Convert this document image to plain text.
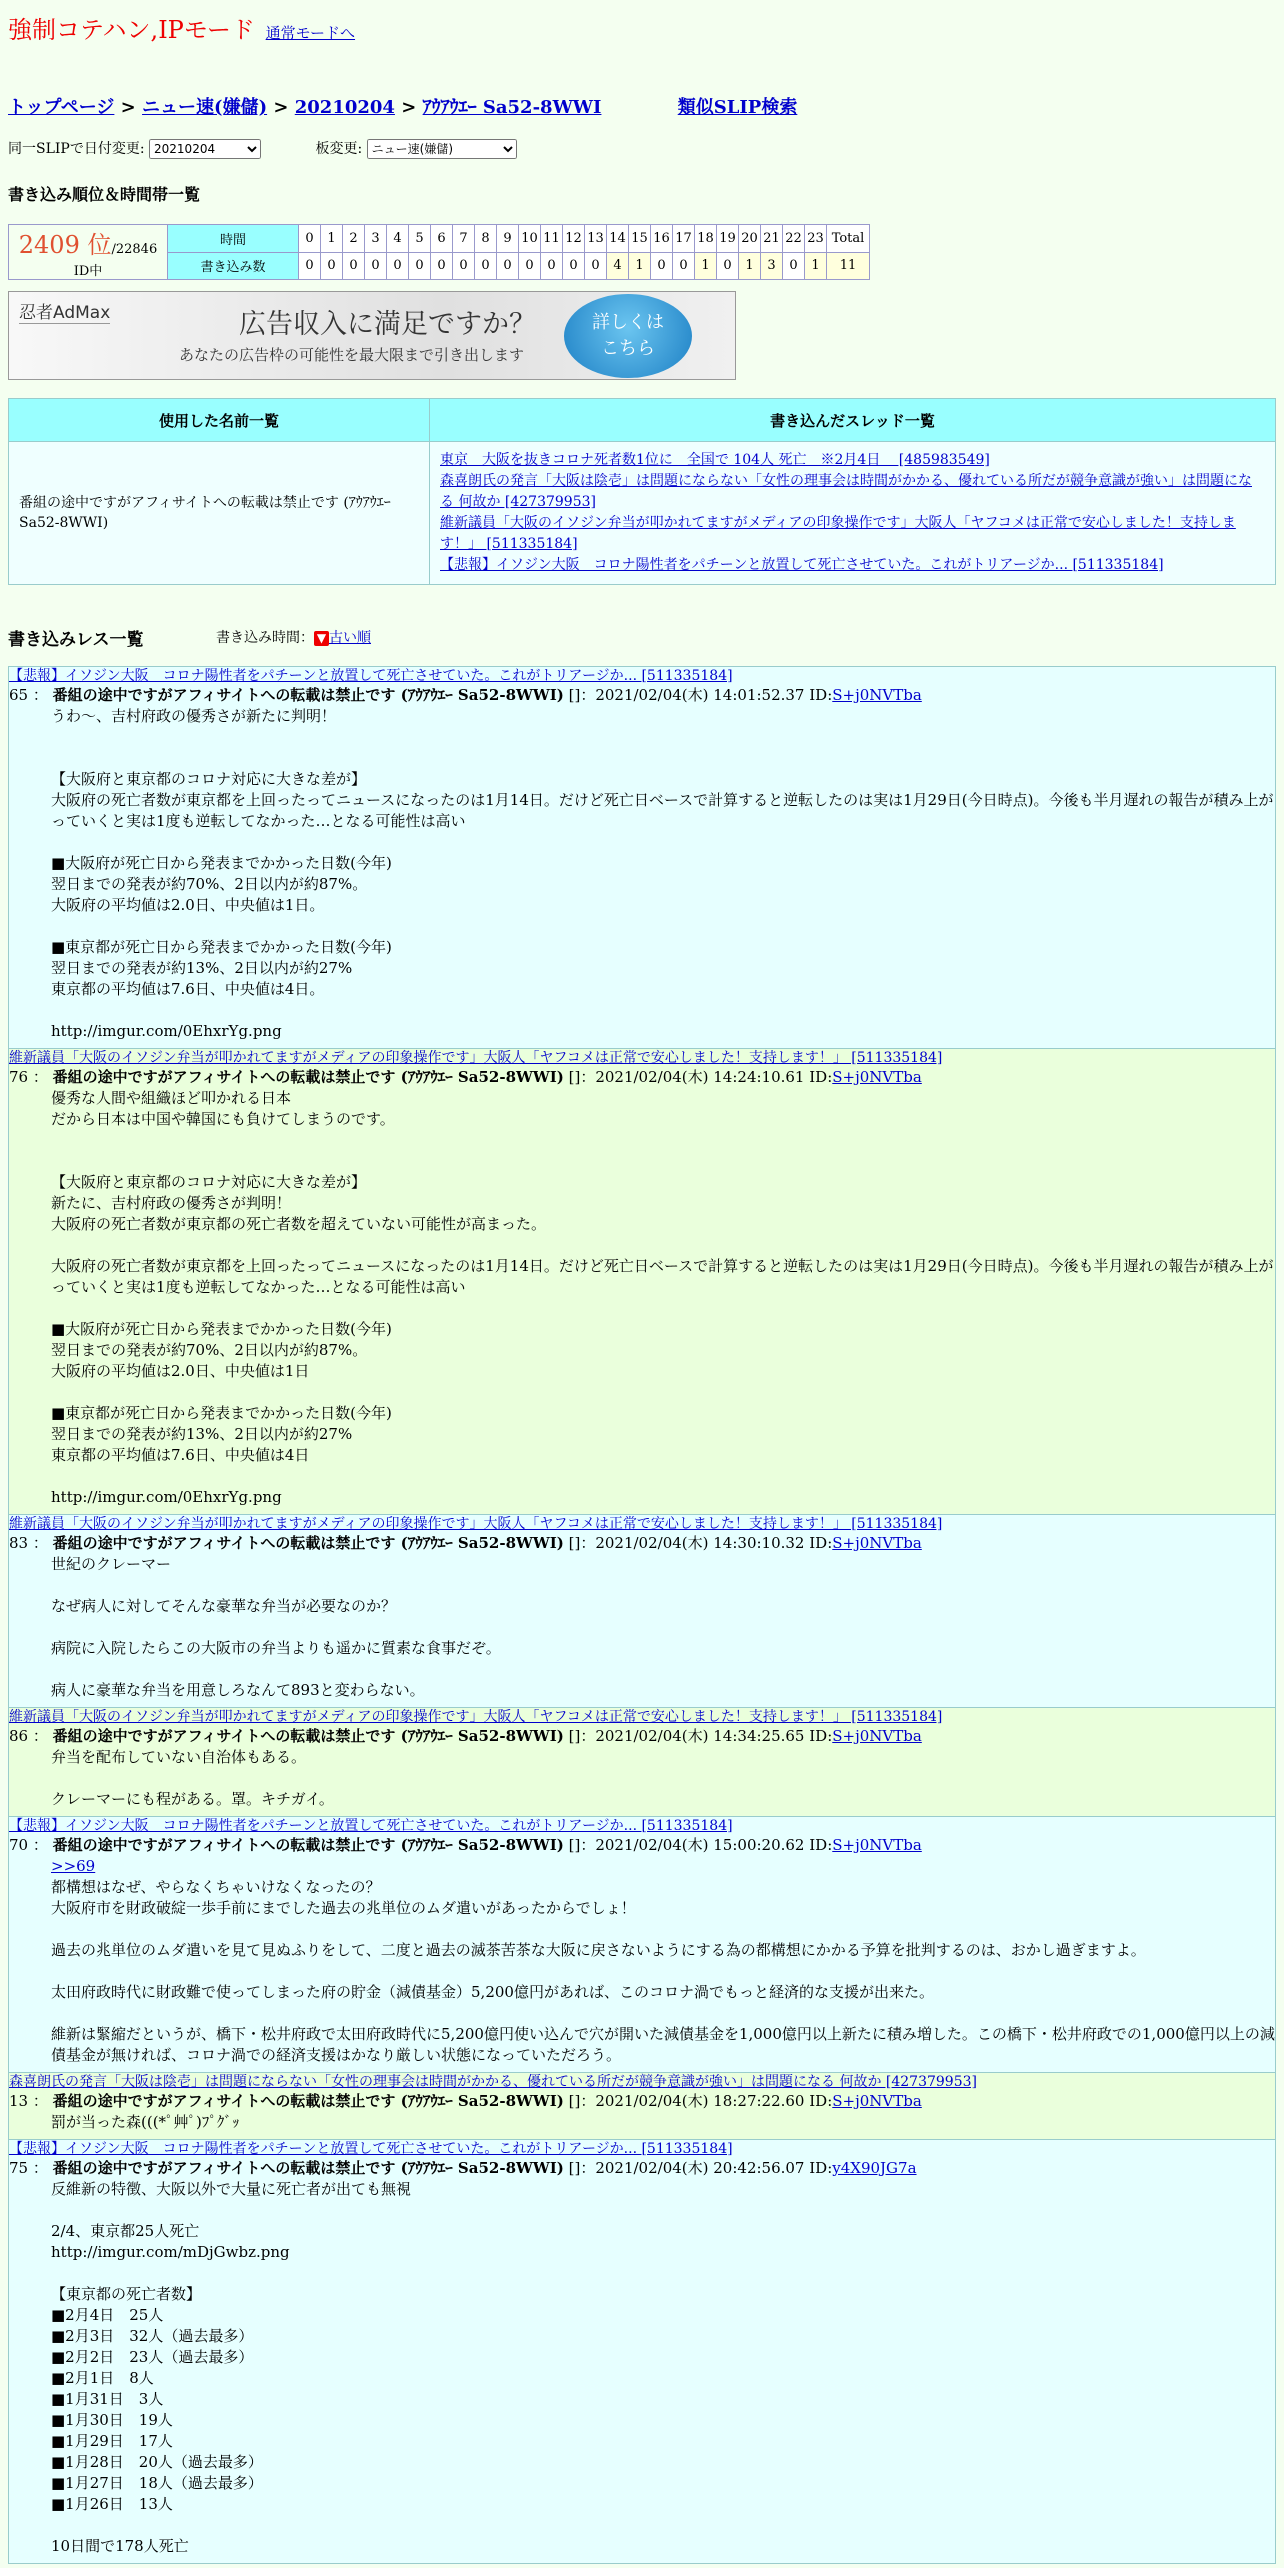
強制コテハン,IPモード 通常モードへ
トップページ > ニュー速(嫌儲) > 20210204 > ｱｳｱｳｴｰ Sa52-8WWI	類似SLIP検索
同一SLIPで日付変更:
20210204	板変更:
ニュー速(嫌儲)
書き込み順位＆時間帯一覧
2409 位/22846 ID中	時間	0	1	2	3	4	5	6	7	8	9	10	11	12	13	14	15	16	17	18	19	20	21	22	23	Total
	書き込み数	0	0	0	0	0	0	0	0	0	0	0	0	0	0	4	1	0	0	1	0	1	3	0	1	11
忍者AdMax	広告収入に満足ですか？
あなたの広告枠の可能性を最大限まで引き出します
詳しくは
こちら
使用した名前一覧	書き込んだスレッド一覧
番組の途中ですがアフィサイトへの転載は禁止です (ｱｳｱｳｴｰ Sa52-8WWI)	東京　大阪を抜きコロナ死者数1位に　全国で 104人 死亡　※2月4日　 [485983549]
森喜朗氏の発言「大阪は陰壱」は問題にならない「女性の理事会は時間がかかる、優れている所だが競争意識が強い」は問題になる 何故か [427379953]
維新議員「大阪のイソジン弁当が叩かれてますがメディアの印象操作です」大阪人「ヤフコメは正常で安心しました！支持します！」 [511335184]
【悲報】イソジン大阪　コロナ陽性者をパチーンと放置して死亡させていた。これがトリアージか... [511335184]
書き込みレス一覧	書き込み時間： ▼ 古い順
【悲報】イソジン大阪　コロナ陽性者をパチーンと放置して死亡させていた。これがトリアージか... [511335184]
65 ： 番組の途中ですがアフィサイトへの転載は禁止です (ｱｳｱｳｴｰ Sa52-8WWI) []：2021/02/04(木) 14:01:52.37 ID:S+j0NVTba
うわ～、吉村府政の優秀さが新たに判明！

【大阪府と東京都のコロナ対応に大きな差が】
大阪府の死亡者数が東京都を上回ったってニュースになったのは1月14日。だけど死亡日ベースで計算すると逆転したのは実は1月29日(今日時点)。今後も半月遅れの報告が積み上がっていくと実は1度も逆転してなかった…となる可能性は高い

■大阪府が死亡日から発表までかかった日数(今年)
翌日までの発表が約70%、2日以内が約87%。
大阪府の平均値は2.0日、中央値は1日。

■東京都が死亡日から発表までかかった日数(今年)
翌日までの発表が約13%、2日以内が約27%
東京都の平均値は7.6日、中央値は4日。

http://imgur.com/0EhxrYg.png
維新議員「大阪のイソジン弁当が叩かれてますがメディアの印象操作です」大阪人「ヤフコメは正常で安心しました！支持します！」 [511335184]
76 ： 番組の途中ですがアフィサイトへの転載は禁止です (ｱｳｱｳｴｰ Sa52-8WWI) []：2021/02/04(木) 14:24:10.61 ID:S+j0NVTba
優秀な人間や組織ほど叩かれる日本
だから日本は中国や韓国にも負けてしまうのです。

【大阪府と東京都のコロナ対応に大きな差が】
新たに、吉村府政の優秀さが判明！
大阪府の死亡者数が東京都の死亡者数を超えていない可能性が高まった。

大阪府の死亡者数が東京都を上回ったってニュースになったのは1月14日。だけど死亡日ベースで計算すると逆転したのは実は1月29日(今日時点)。今後も半月遅れの報告が積み上がっていくと実は1度も逆転してなかった…となる可能性は高い

■大阪府が死亡日から発表までかかった日数(今年)
翌日までの発表が約70%、2日以内が約87%。
大阪府の平均値は2.0日、中央値は1日

■東京都が死亡日から発表までかかった日数(今年)
翌日までの発表が約13%、2日以内が約27%
東京都の平均値は7.6日、中央値は4日

http://imgur.com/0EhxrYg.png
維新議員「大阪のイソジン弁当が叩かれてますがメディアの印象操作です」大阪人「ヤフコメは正常で安心しました！支持します！」 [511335184]
83 ： 番組の途中ですがアフィサイトへの転載は禁止です (ｱｳｱｳｴｰ Sa52-8WWI) []：2021/02/04(木) 14:30:10.32 ID:S+j0NVTba
世紀のクレーマー

なぜ病人に対してそんな豪華な弁当が必要なのか？

病院に入院したらこの大阪市の弁当よりも遥かに質素な食事だぞ。

病人に豪華な弁当を用意しろなんて893と変わらない。
維新議員「大阪のイソジン弁当が叩かれてますがメディアの印象操作です」大阪人「ヤフコメは正常で安心しました！支持します！」 [511335184]
86 ： 番組の途中ですがアフィサイトへの転載は禁止です (ｱｳｱｳｴｰ Sa52-8WWI) []：2021/02/04(木) 14:34:25.65 ID:S+j0NVTba
弁当を配布していない自治体もある。

クレーマーにも程がある。罩。キチガイ。
【悲報】イソジン大阪　コロナ陽性者をパチーンと放置して死亡させていた。これがトリアージか... [511335184]
70 ： 番組の途中ですがアフィサイトへの転載は禁止です (ｱｳｱｳｴｰ Sa52-8WWI) []：2021/02/04(木) 15:00:20.62 ID:S+j0NVTba
>>69
都構想はなぜ、やらなくちゃいけなくなったの？
大阪府市を財政破綻一歩手前にまでした過去の兆単位のムダ遣いがあったからでしょ！

過去の兆単位のムダ遣いを見て見ぬふりをして、二度と過去の滅茶苦茶な大阪に戻さないようにする為の都構想にかかる予算を批判するのは、おかし過ぎますよ。

太田府政時代に財政難で使ってしまった府の貯金（減債基金）5,200億円があれば、このコロナ渦でもっと経済的な支援が出来た。

維新は緊縮だというが、橋下・松井府政で太田府政時代に5,200億円使い込んで穴が開いた減債基金を1,000億円以上新たに積み増した。この橋下・松井府政での1,000億円以上の減債基金が無ければ、コロナ渦での経済支援はかなり厳しい状態になっていただろう。
森喜朗氏の発言「大阪は陰壱」は問題にならない「女性の理事会は時間がかかる、優れている所だが競争意識が強い」は問題になる 何故か [427379953]
13 ： 番組の途中ですがアフィサイトへの転載は禁止です (ｱｳｱｳｴｰ Sa52-8WWI) []：2021/02/04(木) 18:27:22.60 ID:S+j0NVTba
罰が当った森(((*ﾟ艸ﾟ)ﾌﾟｸﾞｯ
【悲報】イソジン大阪　コロナ陽性者をパチーンと放置して死亡させていた。これがトリアージか... [511335184]
75 ： 番組の途中ですがアフィサイトへの転載は禁止です (ｱｳｱｳｴｰ Sa52-8WWI) []：2021/02/04(木) 20:42:56.07 ID:y4X90JG7a
反維新の特徴、大阪以外で大量に死亡者が出ても無視

2/4、東京都25人死亡
http://imgur.com/mDjGwbz.png

【東京都の死亡者数】
■2月4日　25人
■2月3日　32人（過去最多）
■2月2日　23人（過去最多）
■2月1日　8人
■1月31日　3人
■1月30日　19人
■1月29日　17人
■1月28日　20人（過去最多）
■1月27日　18人（過去最多）
■1月26日　13人

10日間で178人死亡
